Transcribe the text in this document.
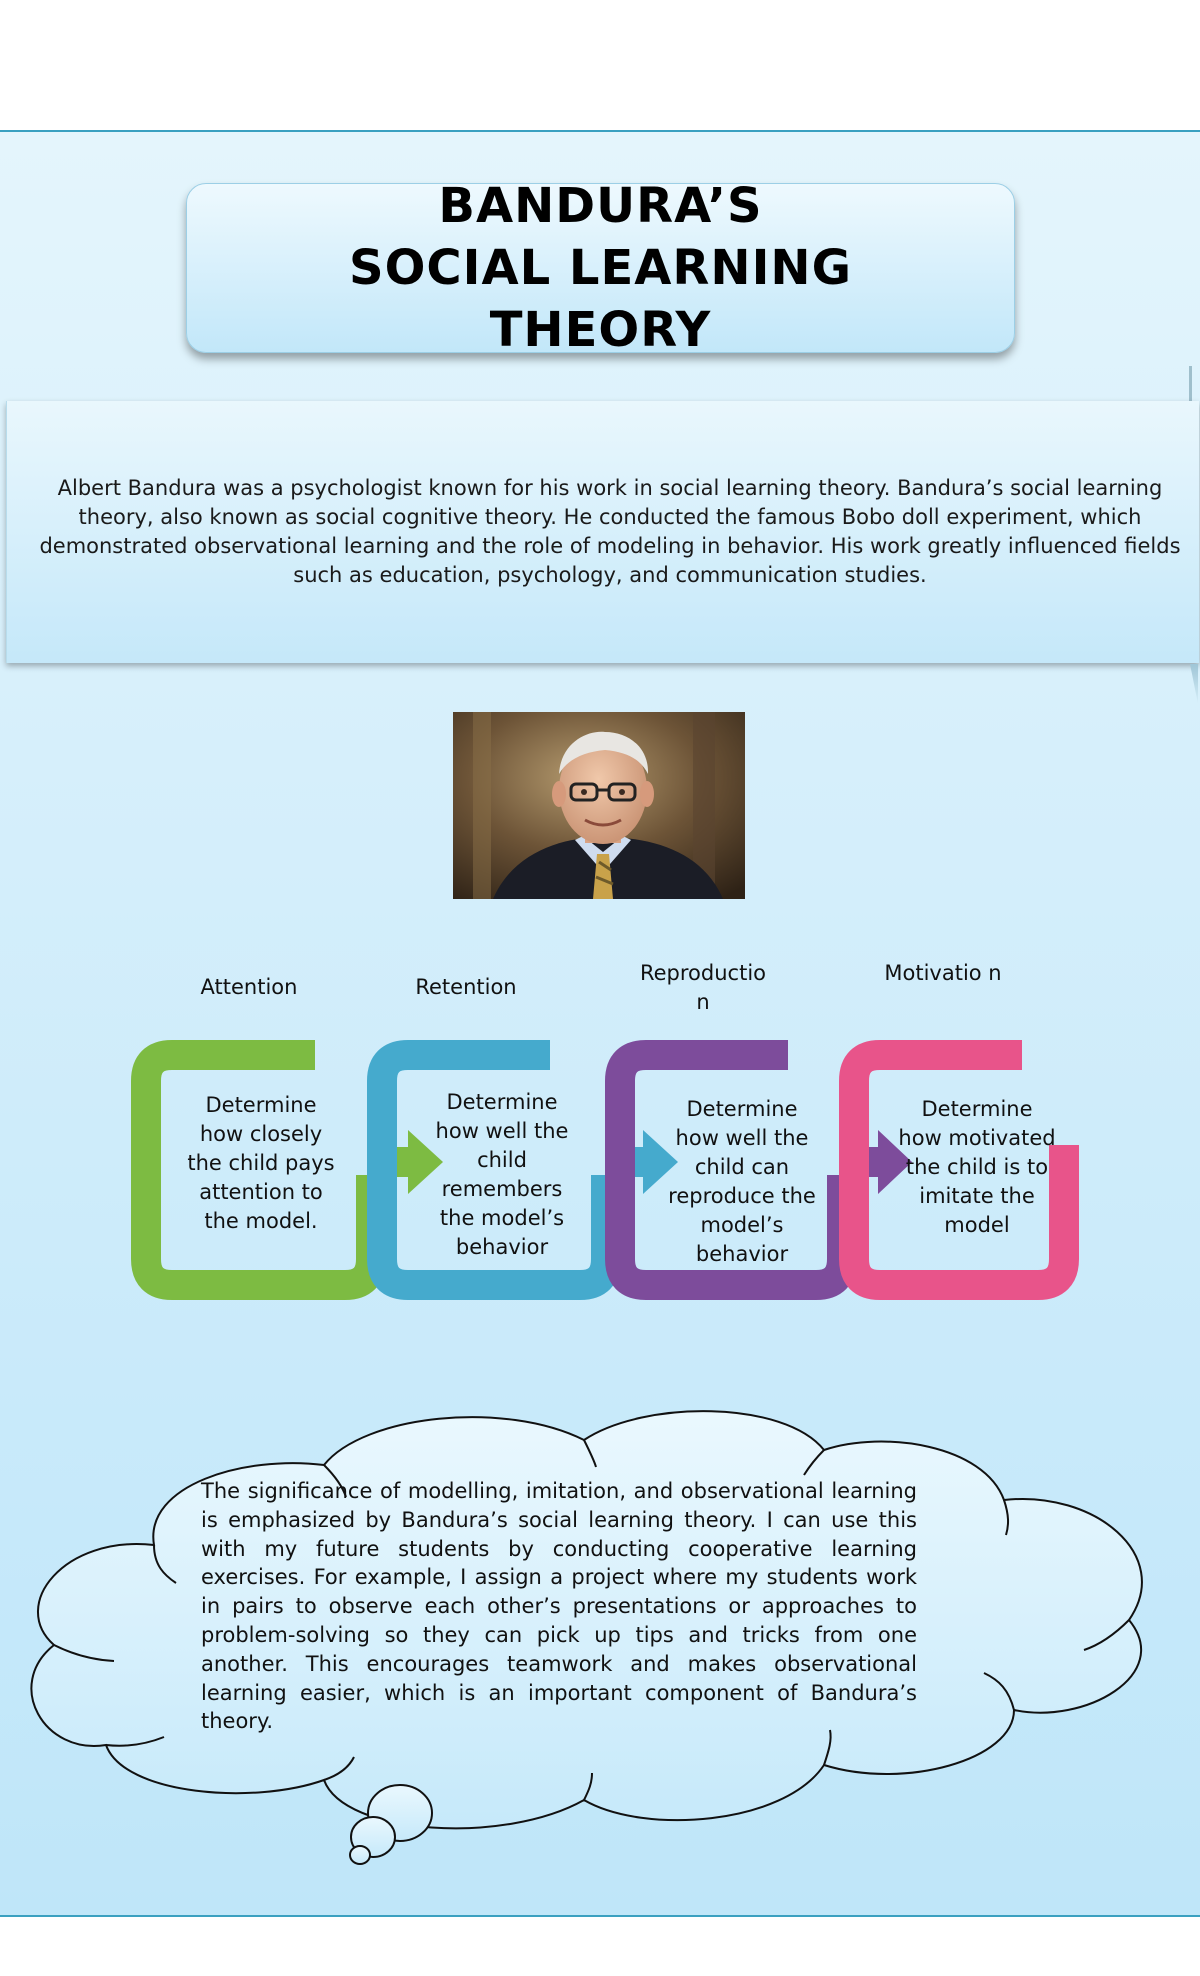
BANDURA’S SOCIAL LEARNING THEORY

Albert Bandura was a psychologist known for his work in social learning theory. Bandura’s social learning theory, also known as social cognitive theory. He conducted the famous Bobo doll experiment, which demonstrated observational learning and the role of modeling in behavior. His work greatly influenced fields such as education, psychology, and communication studies.

Attention	Retention

Reproductio n

Motivatio n

Determine how closely the child pays attention to the model.

Determine how well the child remembers the model’s behavior

Determine how well the child can reproduce the model’s behavior

Determine how motivated the child is to imitate the model

The significance of modelling, imitation, and observational learning is emphasized by Bandura’s social learning theory. I can use this with my future students by conducting cooperative learning exercises. For example, I assign a project where my students work in pairs to observe each other’s presentations or approaches to problem-solving so they can pick up tips and tricks from one another. This encourages teamwork and makes observational learning easier, which is an important component of Bandura’s theory.
